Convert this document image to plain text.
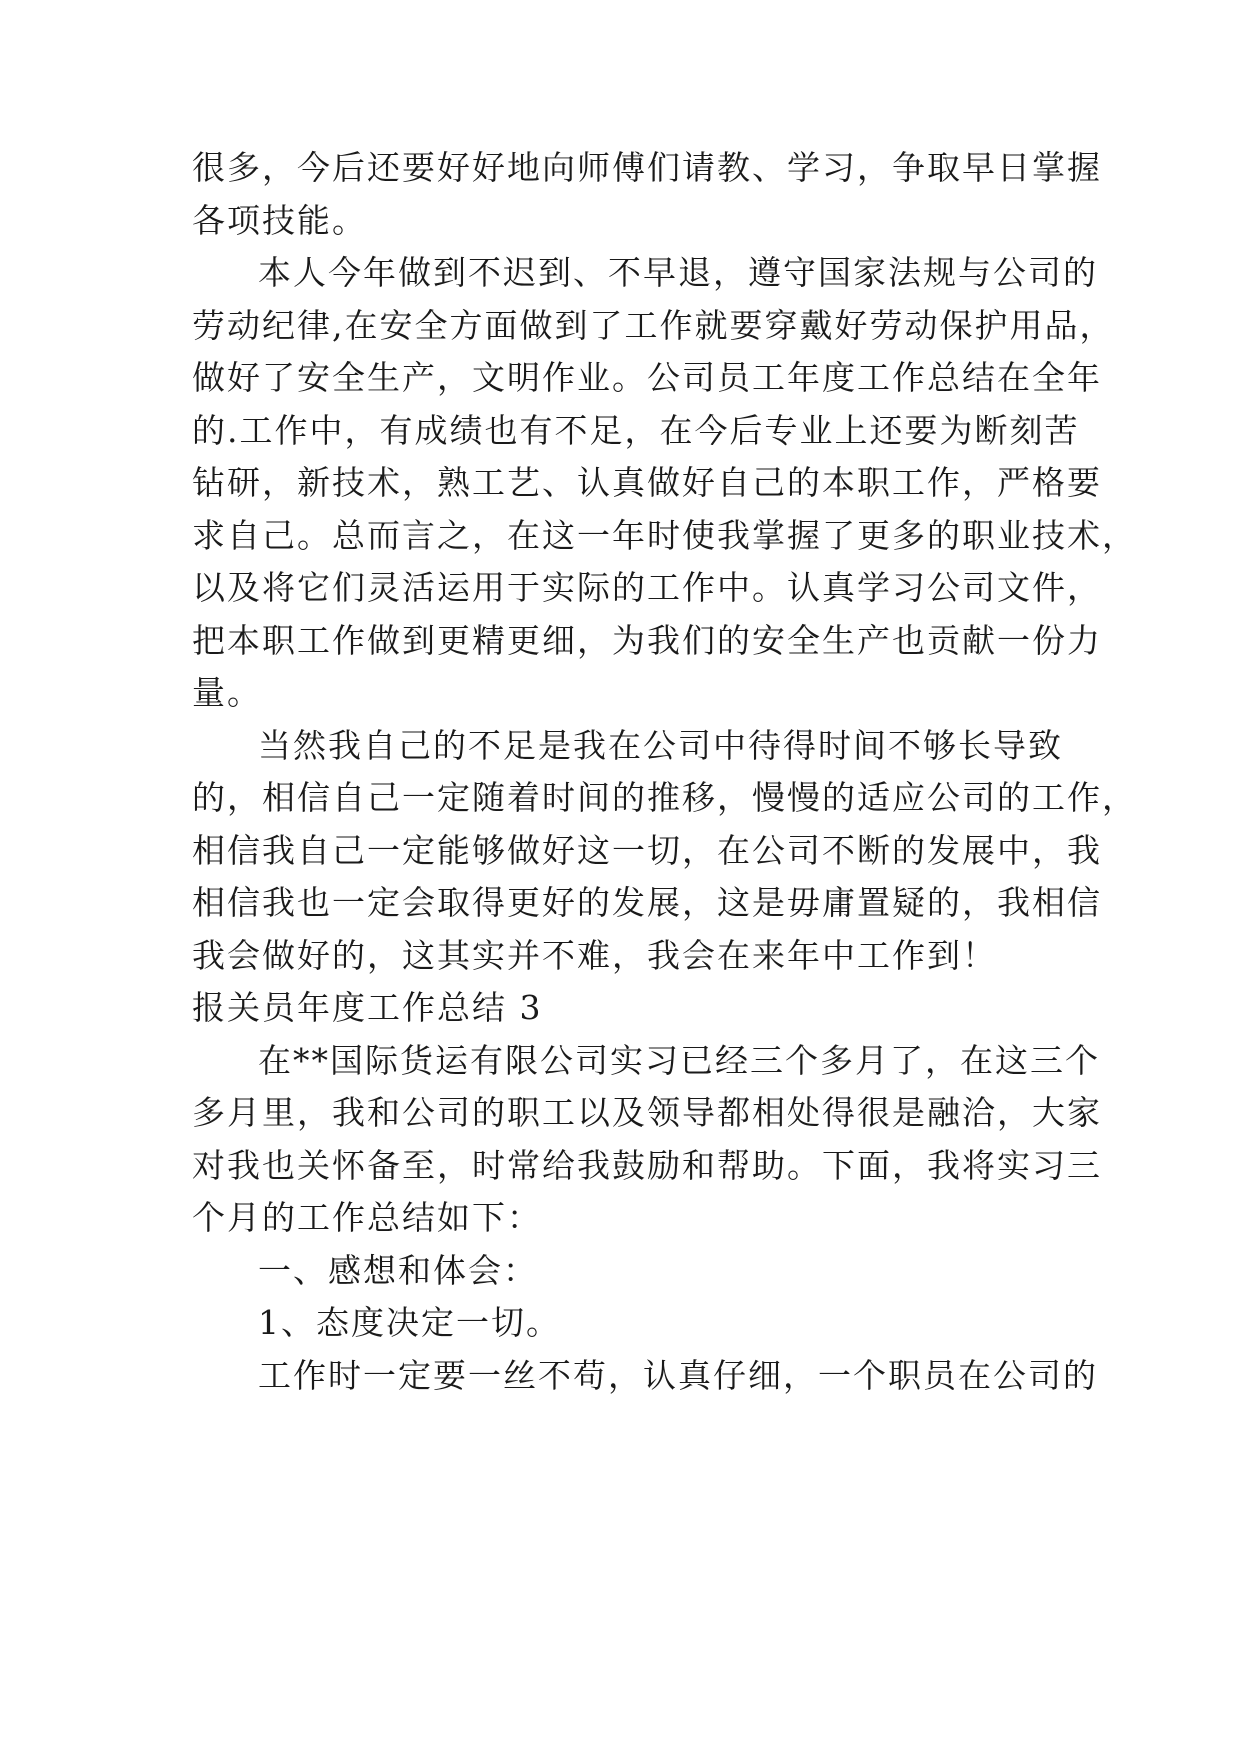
很多，今后还要好好地向师傅们请教、学习，争取早日掌握
各项技能。
本人今年做到不迟到、不早退，遵守国家法规与公司的
劳动纪律,在安全方面做到了工作就要穿戴好劳动保护用品，
做好了安全生产，文明作业。公司员工年度工作总结在全年
的.工作中，有成绩也有不足，在今后专业上还要为断刻苦
钻研，新技术，熟工艺、认真做好自己的本职工作，严格要
求自己。总而言之，在这一年时使我掌握了更多的职业技术，
以及将它们灵活运用于实际的工作中。认真学习公司文件，
把本职工作做到更精更细，为我们的安全生产也贡献一份力
量。
当然我自己的不足是我在公司中待得时间不够长导致
的，相信自己一定随着时间的推移，慢慢的适应公司的工作，
相信我自己一定能够做好这一切，在公司不断的发展中，我
相信我也一定会取得更好的发展，这是毋庸置疑的，我相信
我会做好的，这其实并不难，我会在来年中工作到！
报关员年度工作总结 3
在**国际货运有限公司实习已经三个多月了，在这三个
多月里，我和公司的职工以及领导都相处得很是融洽，大家
对我也关怀备至，时常给我鼓励和帮助。下面，我将实习三
个月的工作总结如下：
一、感想和体会：
1、态度决定一切。
工作时一定要一丝不苟，认真仔细，一个职员在公司的
